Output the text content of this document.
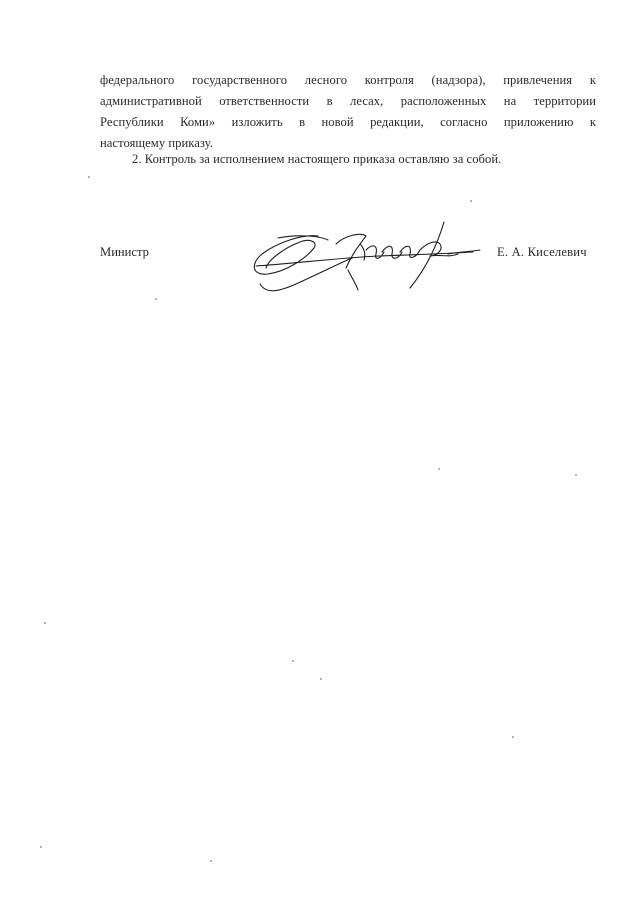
федерального государственного лесного контроля (надзора), привлечения к
административной ответственности в лесах, расположенных на территории
Республики Коми» изложить в новой редакции, согласно приложению к
настоящему приказу.

2. Контроль за исполнением настоящего приказа оставляю за собой.

Министр	Е. А. Киселевич
